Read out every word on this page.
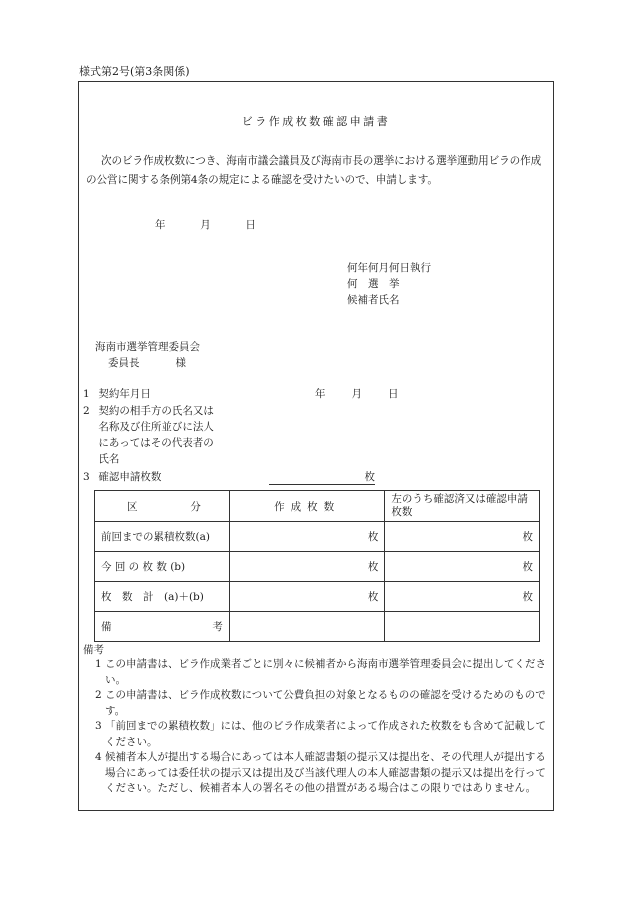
様式第2号(第3条関係)
ビラ作成枚数確認申請書
次のビラ作成枚数につき、海南市議会議員及び海南市長の選挙における選挙運動用ビラの作成の公営に関する条例第4条の規定による確認を受けたいので、申請します。
年	月	日
何年何月何日執行
何　選　挙
候補者氏名
海南市選挙管理委員会
委員長	様
1 契約年月日	年 月 日
2 契約の相手方の氏名又は
名称及び住所並びに法人
にあってはその代表者の
氏名
3 確認申請枚数	枚
区 分	作成枚数	左のうち確認済又は確認申請枚数
前回までの累積枚数(a)	枚	枚
今 回 の 枚 数 (b)	枚	枚
枚　数　計　(a)＋(b)	枚	枚

備 考		

備考
1 この申請書は、ビラ作成業者ごとに別々に候補者から海南市選挙管理委員会に提出してください。
2 この申請書は、ビラ作成枚数について公費負担の対象となるものの確認を受けるためのものです。
3 「前回までの累積枚数」には、他のビラ作成業者によって作成された枚数をも含めて記載してください。
4 候補者本人が提出する場合にあっては本人確認書類の提示又は提出を、その代理人が提出する場合にあっては委任状の提示又は提出及び当該代理人の本人確認書類の提示又は提出を行ってください。ただし、候補者本人の署名その他の措置がある場合はこの限りではありません。
